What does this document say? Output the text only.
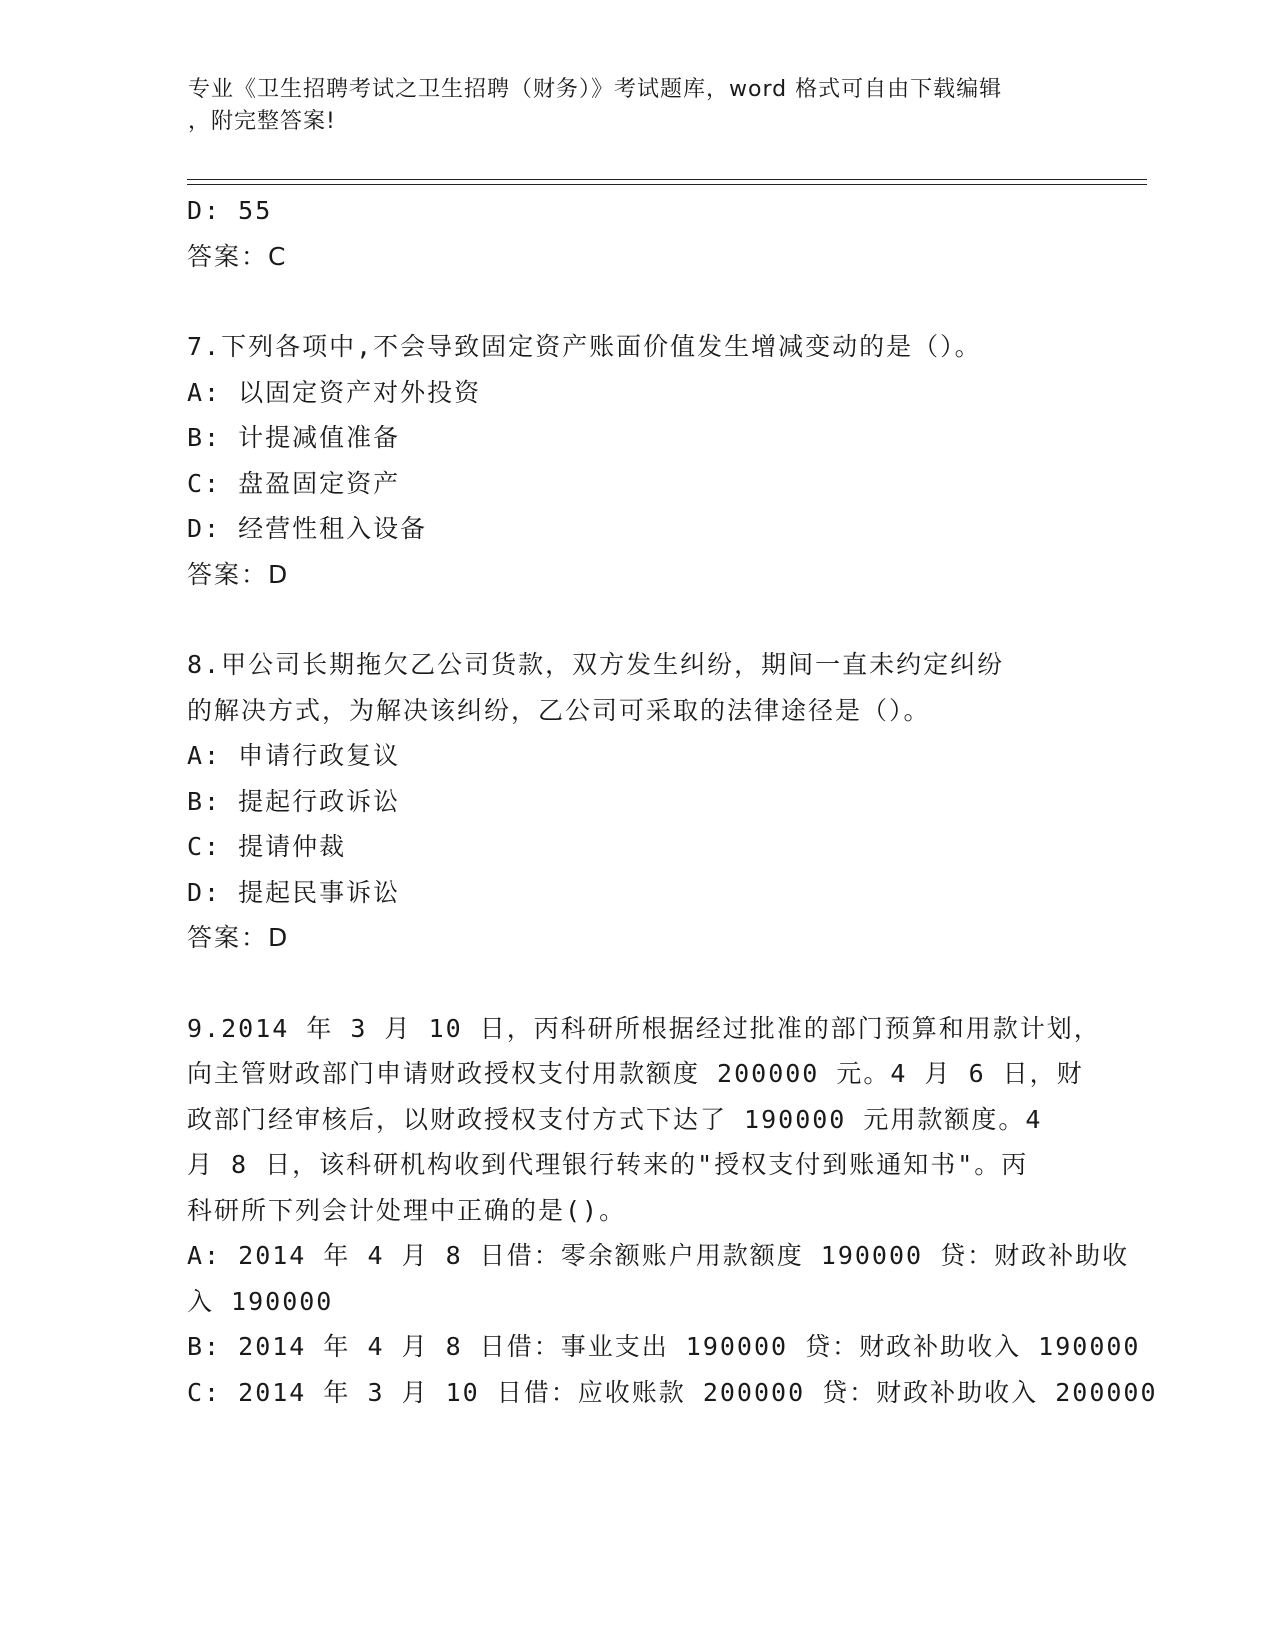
专业《卫生招聘考试之卫生招聘（财务）》考试题库，word 格式可自由下载编辑
，附完整答案!
D: 55
答案：C
7.下列各项中,不会导致固定资产账面价值发生增减变动的是（）。
A: 以固定资产对外投资
B: 计提减值准备
C: 盘盈固定资产
D: 经营性租入设备
答案：D
8.甲公司长期拖欠乙公司货款，双方发生纠纷，期间一直未约定纠纷
的解决方式，为解决该纠纷，乙公司可采取的法律途径是（）。
A: 申请行政复议
B: 提起行政诉讼
C: 提请仲裁
D: 提起民事诉讼
答案：D
9.2014 年 3 月 10 日，丙科研所根据经过批准的部门预算和用款计划，
向主管财政部门申请财政授权支付用款额度 200000 元。4 月 6 日，财
政部门经审核后，以财政授权支付方式下达了 190000 元用款额度。4
月 8 日，该科研机构收到代理银行转来的"授权支付到账通知书"。丙
科研所下列会计处理中正确的是()。
A: 2014 年 4 月 8 日借：零余额账户用款额度 190000 贷：财政补助收
入 190000
B: 2014 年 4 月 8 日借：事业支出 190000 贷：财政补助收入 190000
C: 2014 年 3 月 10 日借：应收账款 200000 贷：财政补助收入 200000
